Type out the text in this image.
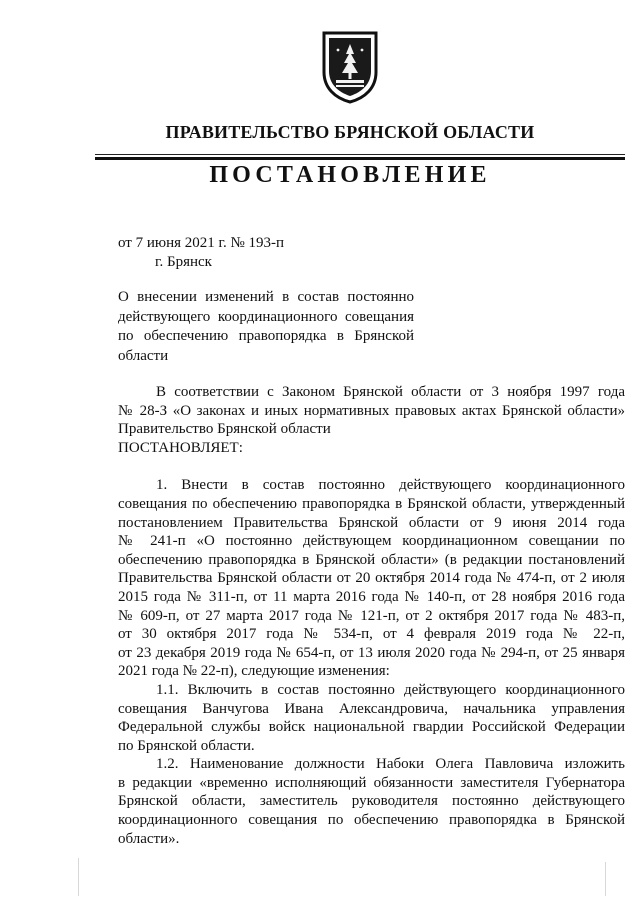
ПРАВИТЕЛЬСТВО БРЯНСКОЙ ОБЛАСТИ
ПОСТАНОВЛЕНИЕ
от 7 июня 2021 г. № 193-п
г. Брянск
О внесении изменений в состав постоянно
действующего координационного совещания
по обеспечению правопорядка в Брянской
области
В соответствии с Законом Брянской области от 3 ноября 1997 года
№ 28-З «О законах и иных нормативных правовых актах Брянской области»
Правительство Брянской области
ПОСТАНОВЛЯЕТ:
1. Внести в состав постоянно действующего координационного
совещания по обеспечению правопорядка в Брянской области, утвержденный
постановлением Правительства Брянской области от 9 июня 2014 года
№ 241-п «О постоянно действующем координационном совещании по
обеспечению правопорядка в Брянской области» (в редакции постановлений
Правительства Брянской области от 20 октября 2014 года № 474-п, от 2 июля
2015 года № 311-п, от 11 марта 2016 года № 140-п, от 28 ноября 2016 года
№ 609-п, от 27 марта 2017 года № 121-п, от 2 октября 2017 года № 483-п,
от 30 октября 2017 года № 534-п, от 4 февраля 2019 года № 22-п,
от 23 декабря 2019 года № 654-п, от 13 июля 2020 года № 294-п, от 25 января
2021 года № 22-п), следующие изменения:
1.1. Включить в состав постоянно действующего координационного
совещания Ванчугова Ивана Александровича, начальника управления
Федеральной службы войск национальной гвардии Российской Федерации
по Брянской области.
1.2. Наименование должности Набоки Олега Павловича изложить
в редакции «временно исполняющий обязанности заместителя Губернатора
Брянской области, заместитель руководителя постоянно действующего
координационного совещания по обеспечению правопорядка в Брянской
области».
